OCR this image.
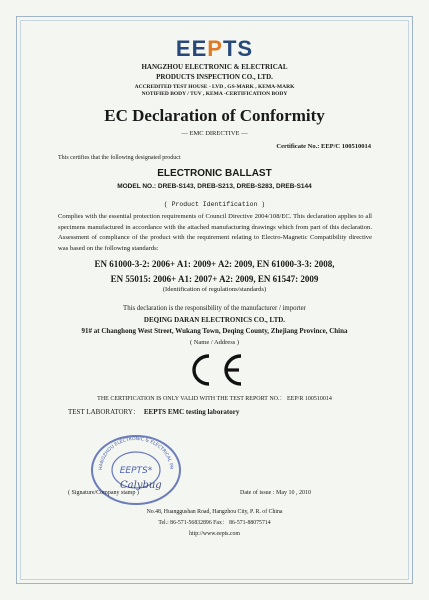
EEPTS
HANGZHOU ELECTRONIC & ELECTRICAL
PRODUCTS INSPECTION CO., LTD.
ACCREDITED TEST HOUSE - LVD , GS-MARK , KEMA-MARK
NOTIFIED BODY / TUV , KEMA -CERTIFICATION BODY
EC Declaration of Conformity
— EMC DIRECTIVE —
Certificate No.: EEP/C 100510014
This certifies that the following designated product
ELECTRONIC BALLAST
MODEL NO.: DREB-S143, DREB-S213, DREB-S283, DREB-S144
( Product Identification )
Complies with the essential protection requirements of Council Directive 2004/108/EC. This declaration applies to all specimens manufactured in accordance with the attached manufacturing drawings which from part of this declaration. Assessment of compliance of the product with the requirement relating to Electro-Magnetic Compatibility directive was based on the following standards:
EN 61000-3-2: 2006+ A1: 2009+ A2: 2009, EN 61000-3-3: 2008,
EN 55015: 2006+ A1: 2007+ A2: 2009, EN 61547: 2009
(Identification of regulations/standards)
This declaration is the responsibility of the manufacturer / importer
DEQING DARAN ELECTRONICS CO., LTD.
91# at Changhong West Street, Wukang Town, Deqing County, Zhejiang Province, China
( Name / Address )
THE CERTIFICATION IS ONLY VALID WITH THE TEST REPORT NO.： EEP/R 100510014
TEST LABORATORY： EEPTS EMC testing laboratory
HANGZHOU ELECTRONIC & ELECTRICAL PR
EEPTS*
Calybug
( Signature/Company stamp )	Date of issue : May 10 , 2010
No.48, Huanggushan Road, Hangzhou City, P. R. of China
Tel.: 86-571-56832896 Fax： 86-571-88075714
http://www.eepts.com
